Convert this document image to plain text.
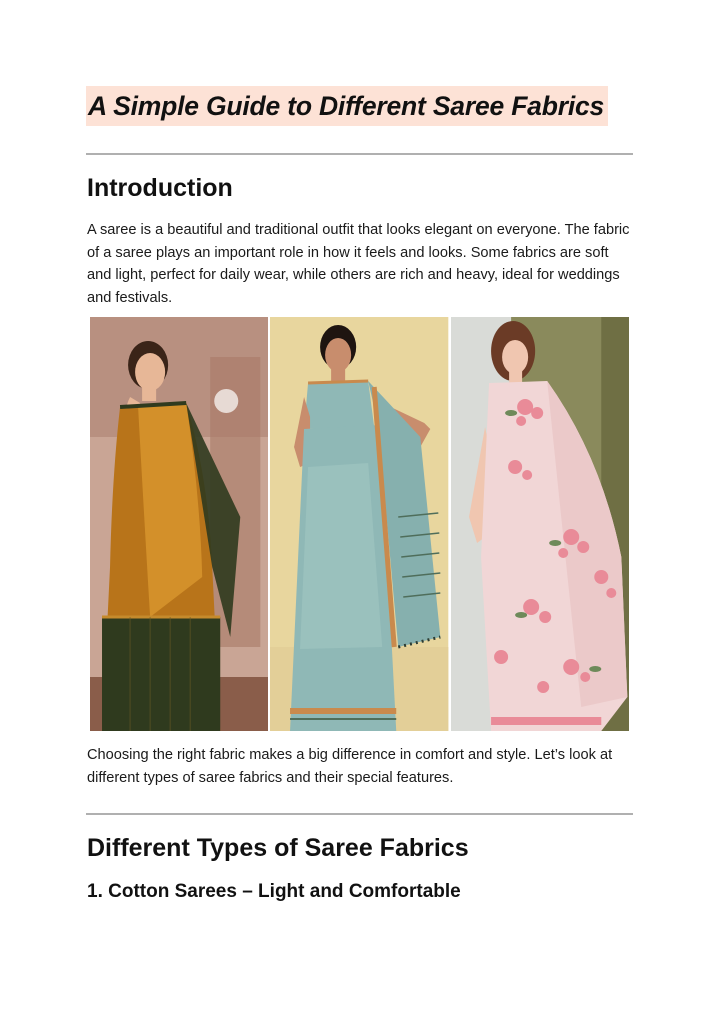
A Simple Guide to Different Saree Fabrics
Introduction

A saree is a beautiful and traditional outfit that looks elegant on everyone. The fabric of a saree plays an important role in how it feels and looks. Some fabrics are soft and light, perfect for daily wear, while others are rich and heavy, ideal for weddings and festivals.

Choosing the right fabric makes a big difference in comfort and style. Let’s look at different types of saree fabrics and their special features.

Different Types of Saree Fabrics
1. Cotton Sarees – Light and Comfortable
